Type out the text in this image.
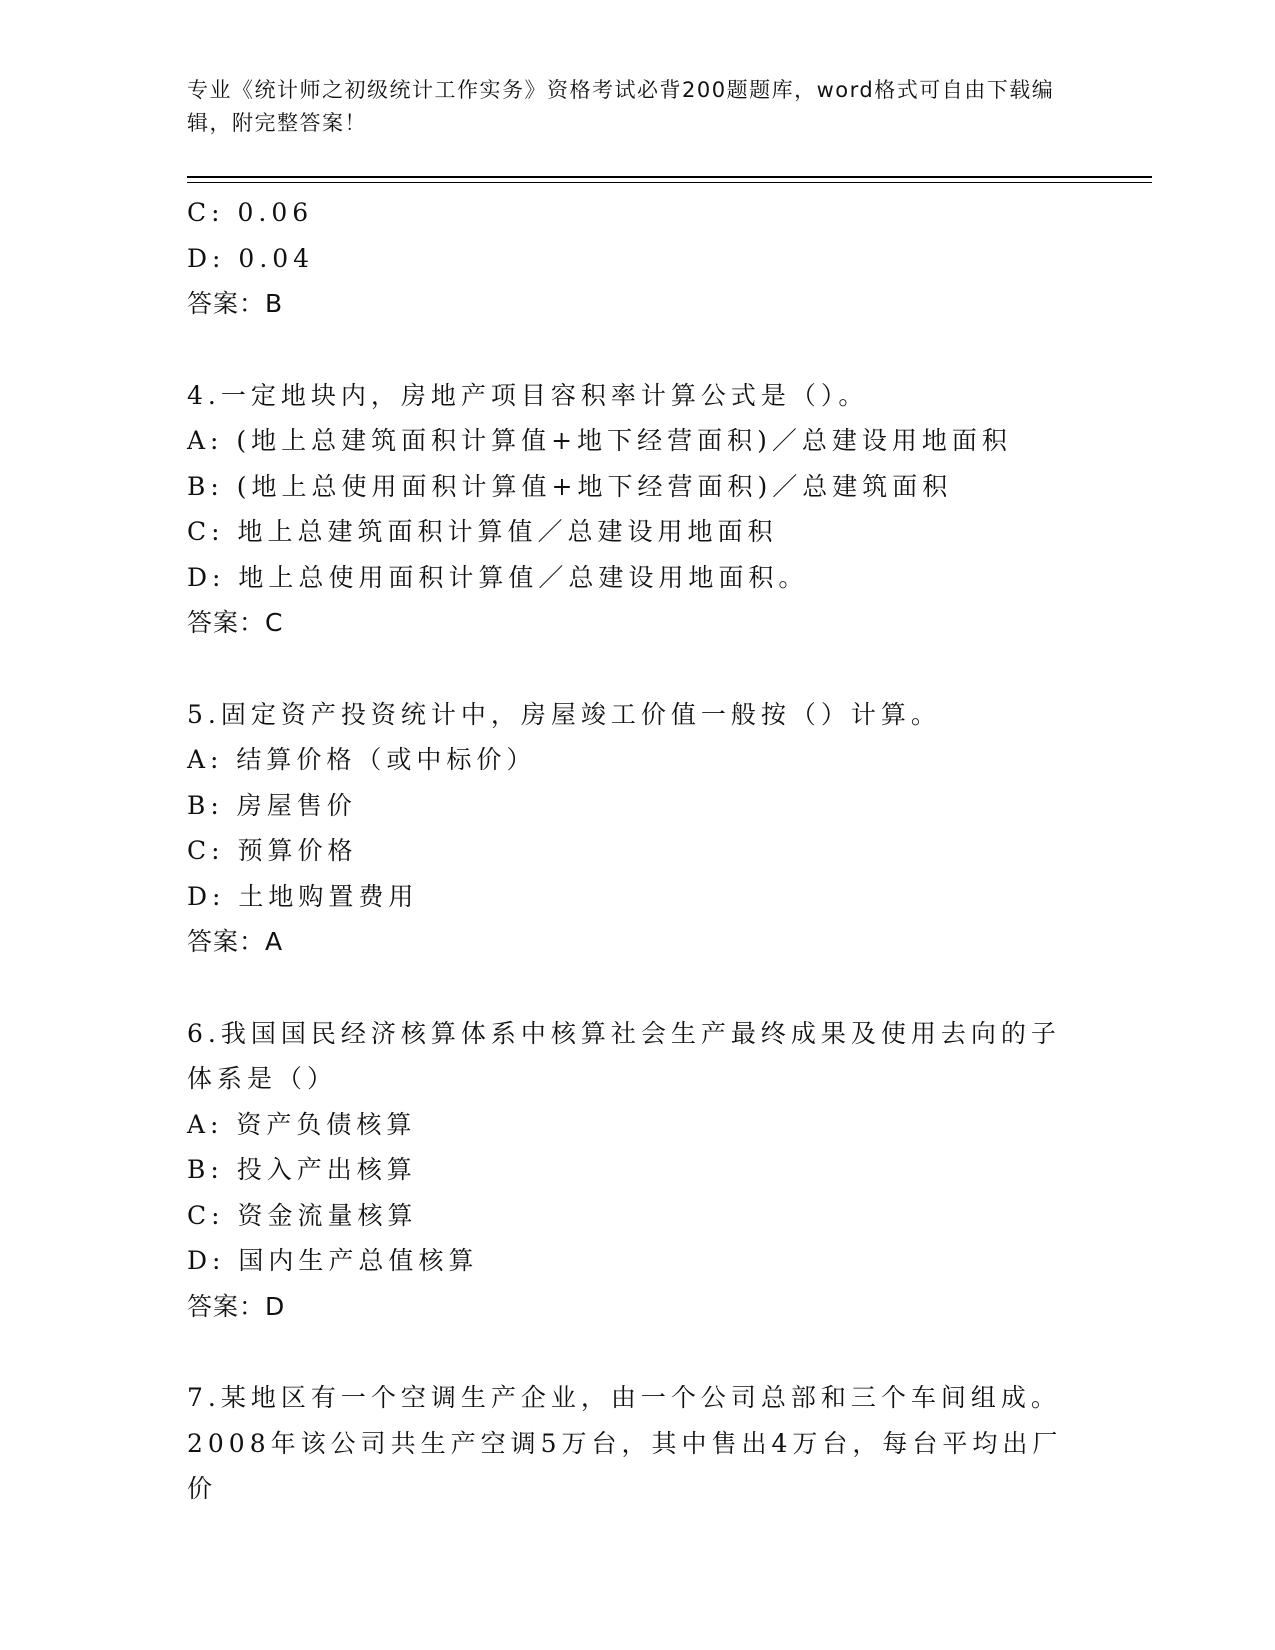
专业《统计师之初级统计工作实务》资格考试必背200题题库，word格式可自由下载编辑，附完整答案！
C: 0.06
D: 0.04
答案：B
4.一定地块内，房地产项目容积率计算公式是（）。
A: (地上总建筑面积计算值+地下经营面积)／总建设用地面积
B: (地上总使用面积计算值+地下经营面积)／总建筑面积
C: 地上总建筑面积计算值／总建设用地面积
D: 地上总使用面积计算值／总建设用地面积。
答案：C
5.固定资产投资统计中，房屋竣工价值一般按（）计算。
A: 结算价格（或中标价）
B: 房屋售价
C: 预算价格
D: 土地购置费用
答案：A
6.我国国民经济核算体系中核算社会生产最终成果及使用去向的子体系是（）
A: 资产负债核算
B: 投入产出核算
C: 资金流量核算
D: 国内生产总值核算
答案：D
7.某地区有一个空调生产企业，由一个公司总部和三个车间组成。2008年该公司共生产空调5万台，其中售出4万台，每台平均出厂价
